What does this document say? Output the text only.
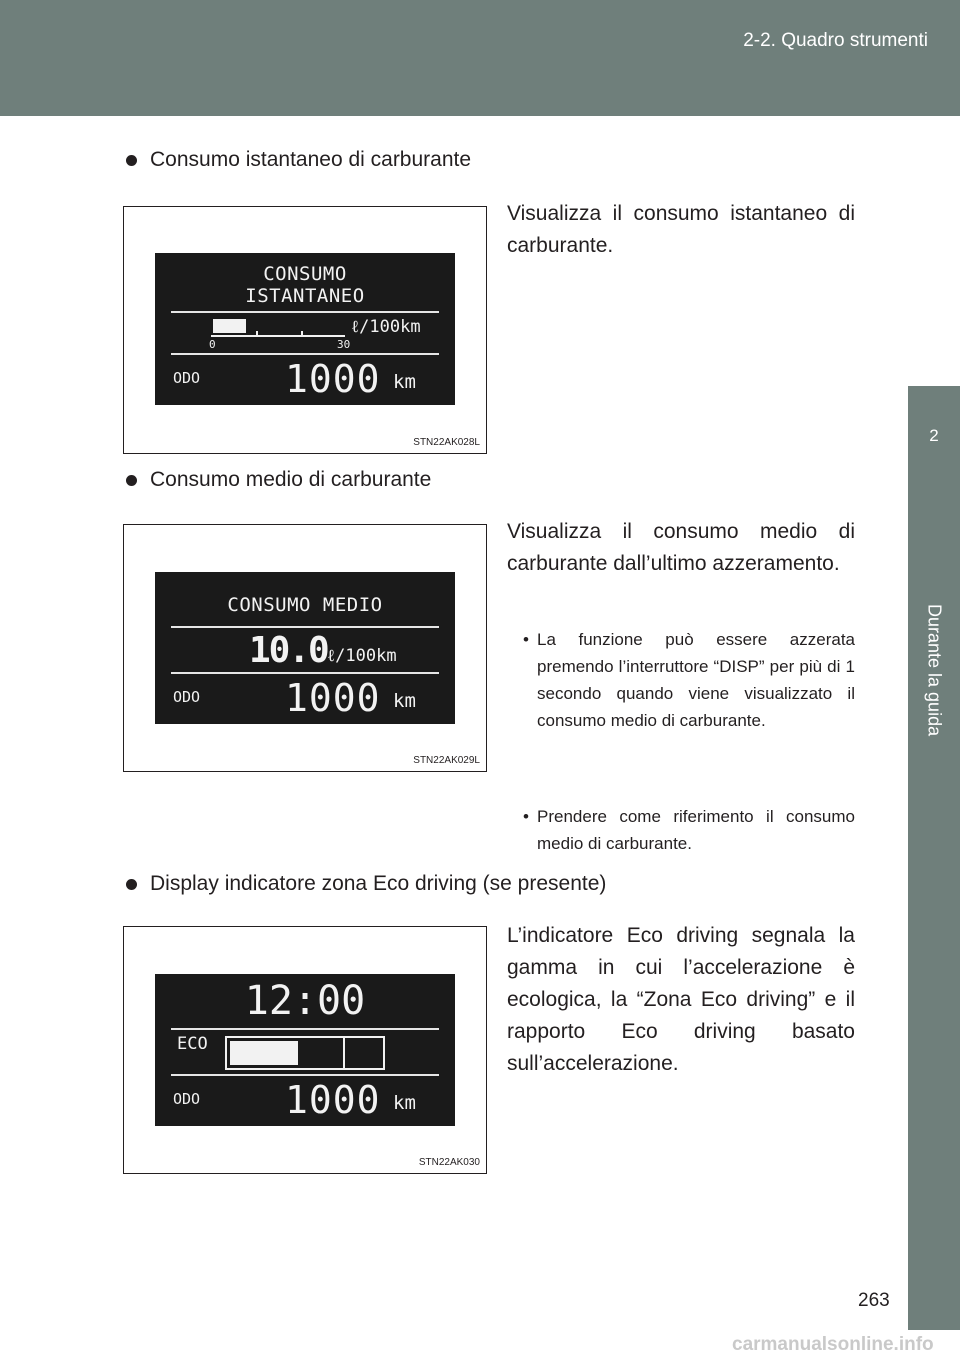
2-2. Quadro strumenti
2
Durante la guida
Consumo istantaneo di carburante
CONSUMO
ISTANTANEO
ℓ/100km
0	30
ODO 1000 km
STN22AK028L
Visualizza il consumo istantaneo di carburante.
Consumo medio di carburante
CONSUMO MEDIO
10.0 ℓ/100km
ODO 1000 km
STN22AK029L
Visualizza il consumo medio di carburante dall’ultimo azzeramento.
• La funzione può essere azzerata premendo l’interruttore “DISP” per più di 1 secondo quando viene visualizzato il consumo medio di carburante.
• Prendere come riferimento il consumo medio di carburante.
Display indicatore zona Eco driving (se presente)
12:00
ECO
ODO 1000 km
STN22AK030
L’indicatore Eco driving segnala la gamma in cui l’accelerazione è ecologica, la “Zona Eco driving” e il rapporto Eco driving basato sull’accelerazione.
263
carmanualsonline.info
